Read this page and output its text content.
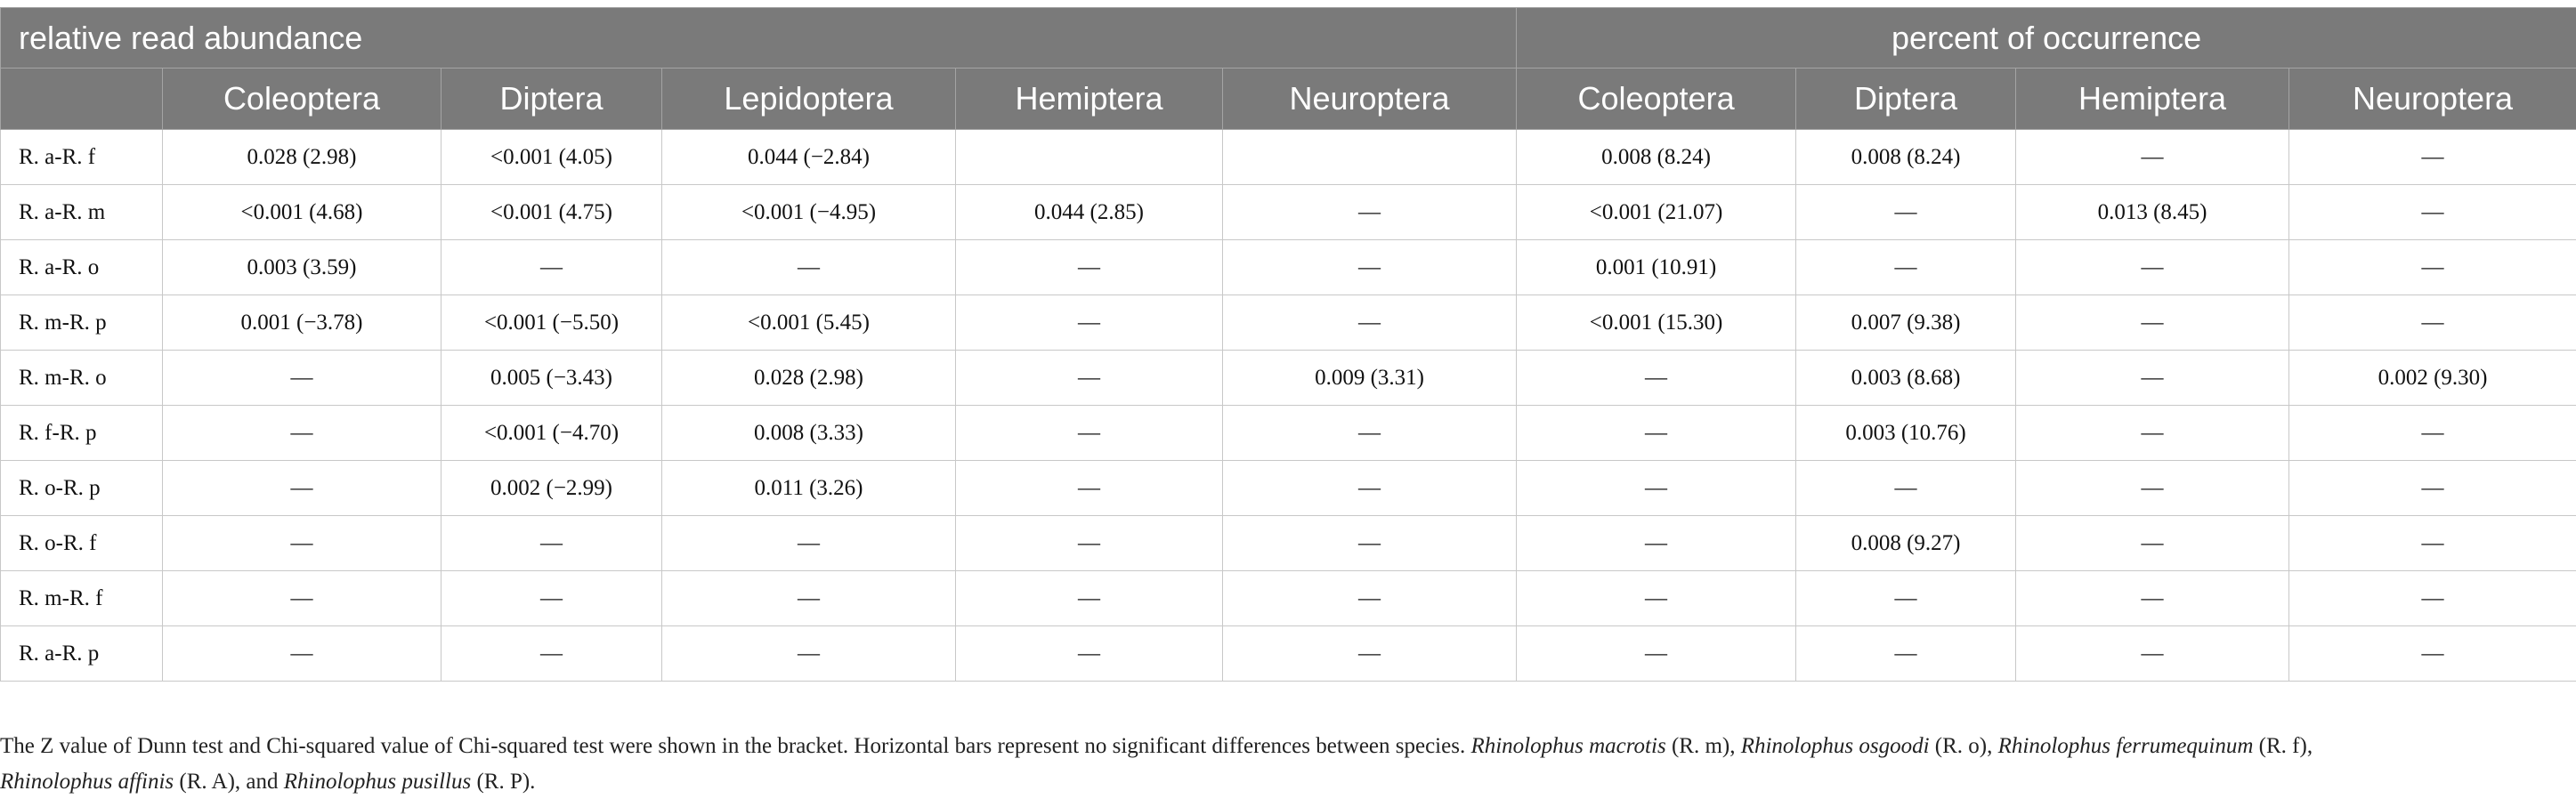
relative read abundance						percent of occurrence			
	Coleoptera	Diptera	Lepidoptera	Hemiptera	Neuroptera	Coleoptera	Diptera	Hemiptera	Neuroptera
R. a-R. f	0.028 (2.98)	<0.001 (4.05)	0.044 (−2.84)			0.008 (8.24)	0.008 (8.24)	—	—
R. a-R. m	<0.001 (4.68)	<0.001 (4.75)	<0.001 (−4.95)	0.044 (2.85)	—	<0.001 (21.07)	—	0.013 (8.45)	—
R. a-R. o	0.003 (3.59)	—	—	—	—	0.001 (10.91)	—	—	—
R. m-R. p	0.001 (−3.78)	<0.001 (−5.50)	<0.001 (5.45)	—	—	<0.001 (15.30)	0.007 (9.38)	—	—
R. m-R. o	—	0.005 (−3.43)	0.028 (2.98)	—	0.009 (3.31)	—	0.003 (8.68)	—	0.002 (9.30)
R. f-R. p	—	<0.001 (−4.70)	0.008 (3.33)	—	—	—	0.003 (10.76)	—	—
R. o-R. p	—	0.002 (−2.99)	0.011 (3.26)	—	—	—	—	—	—
R. o-R. f	—	—	—	—	—	—	0.008 (9.27)	—	—
R. m-R. f	—	—	—	—	—	—	—	—	—
R. a-R. p	—	—	—	—	—	—	—	—	—
The Z value of Dunn test and Chi-squared value of Chi-squared test were shown in the bracket. Horizontal bars represent no significant differences between species. Rhinolophus macrotis (R. m), Rhinolophus osgoodi (R. o), Rhinolophus ferrumequinum (R. f),
Rhinolophus affinis (R. A), and Rhinolophus pusillus (R. P).
